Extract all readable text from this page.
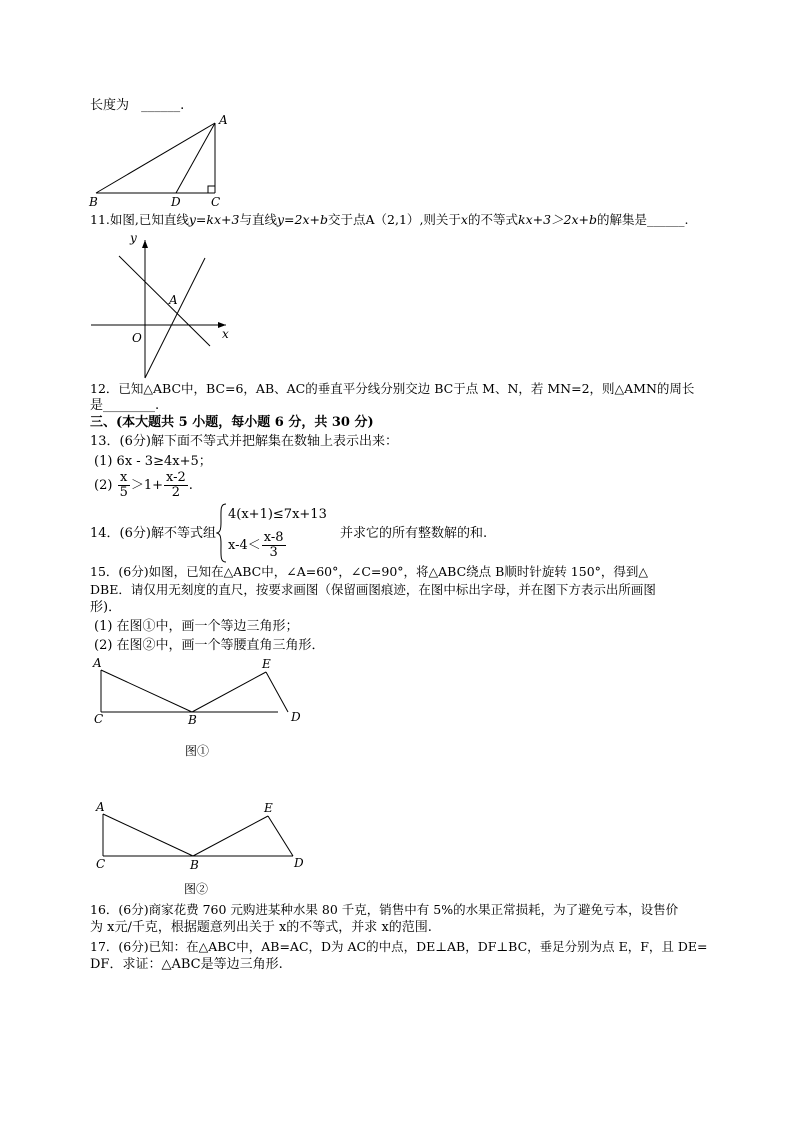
长度为 ______.
A
B	D	C
11.如图,已知直线y=kx+3与直线y=2x+b交于点A（2,1）,则关于x的不等式kx+3＞2x+b的解集是______.
y
x
O
A
12．已知△ABC中，BC=6，AB、AC的垂直平分线分别交边 BC于点 M、N，若 MN=2，则△AMN的周长
是________.
三、(本大题共 5 小题，每小题 6 分，共 30 分)
13．(6分)解下面不等式并把解集在数轴上表示出来：
(1) 6x - 3≥4x+5；
$(2) \frac{x}{5} >1+ \frac{x-2}{2}$ .
14．(6分)解不等式组
4(x+1)≤7x+13
$x-4< \frac{x-8}{3}$	并求它的所有整数解的和.
15．(6分)如图，已知在△ABC中，∠A=60°，∠C=90°，将△ABC绕点 B顺时针旋转 150°，得到△
DBE．请仅用无刻度的直尺，按要求画图（保留画图痕迹，在图中标出字母，并在图下方表示出所画图
形)．
(1) 在图①中，画一个等边三角形；
(2) 在图②中，画一个等腰直角三角形．
A
C	B
E
D
图①
A
C	B
E
D
图②
16．(6分)商家花费 760 元购进某种水果 80 千克，销售中有 5%的水果正常损耗，为了避免亏本，设售价
为 x元/千克，根据题意列出关于 x的不等式，并求 x的范围.
17．(6分)已知：在△ABC中，AB=AC，D为 AC的中点，DE⊥AB，DF⊥BC，垂足分别为点 E，F，且 DE=
DF．求证：△ABC是等边三角形.
